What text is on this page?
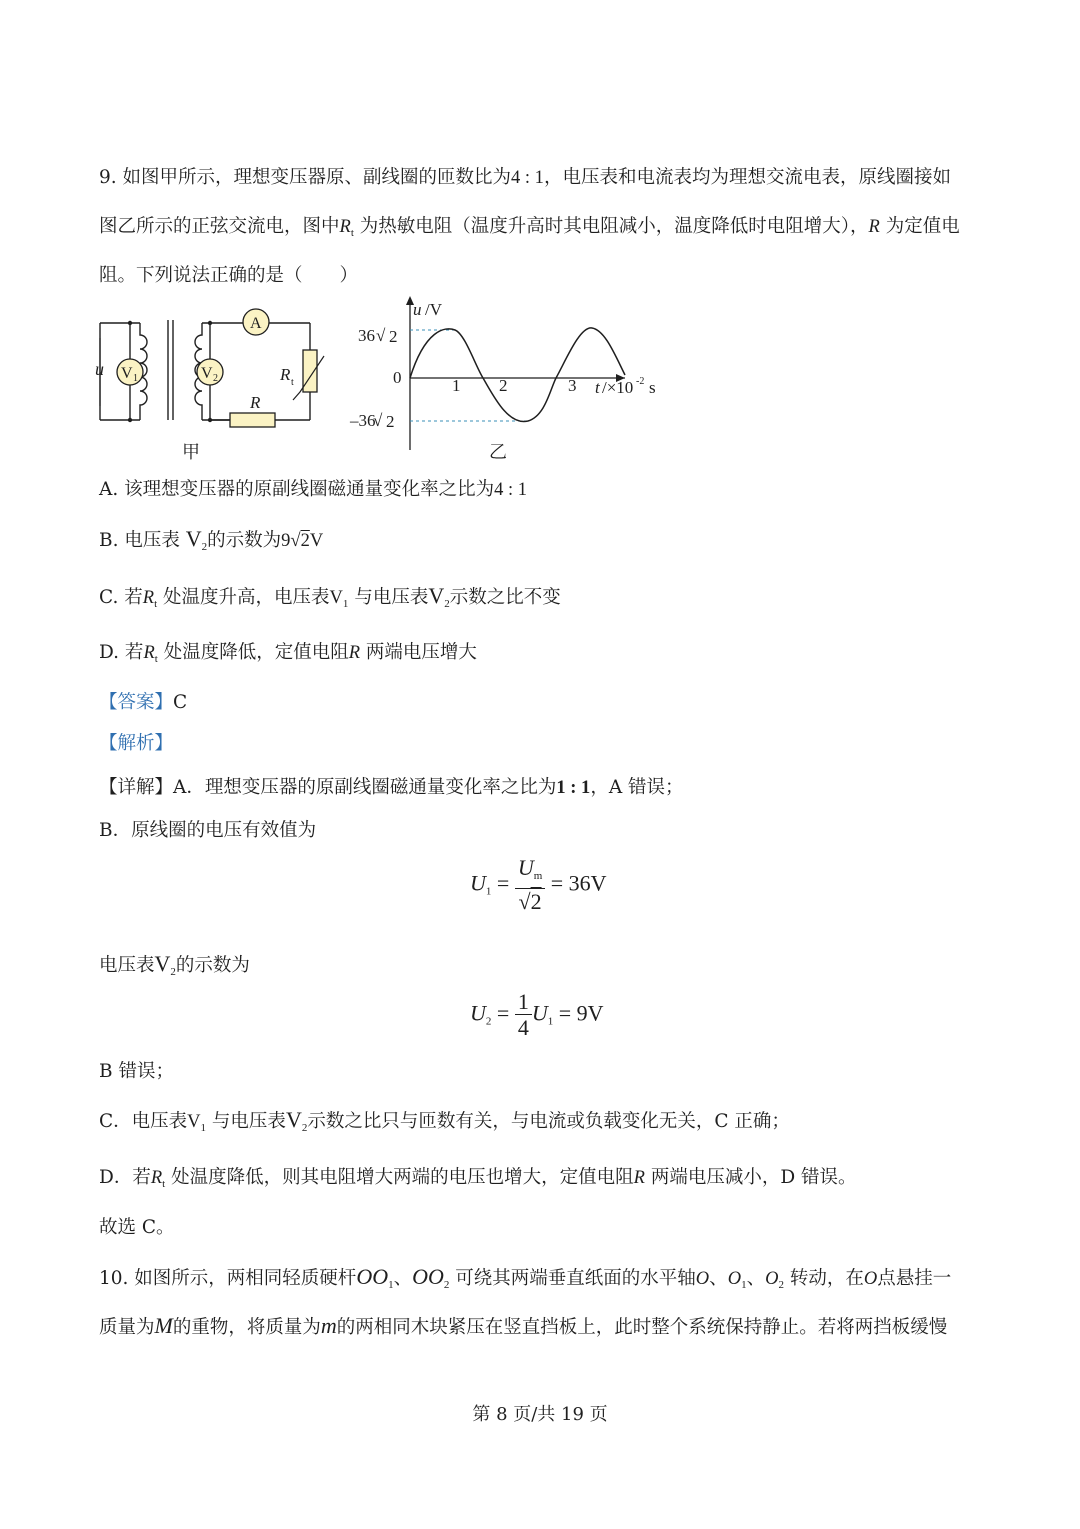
9. 如图甲所示，理想变压器原、副线圈的匝数比为4 : 1，电压表和电流表均为理想交流电表，原线圈接如
图乙所示的正弦交流电，图中$R_t$ 为热敏电阻（温度升高时其电阻减小，温度降低时电阻增大），R 为定值电
阻。下列说法正确的是（　　）
u V 1	V 2
A
R t
R
甲
u /V
36 √ 2
0
–36
√ 2
1 2	3 t /×10 -2 s
乙
A. 该理想变压器的原副线圈磁通量变化率之比为4 : 1
B. 电压表 $V_2$的示数为9√2V
C. 若$R_t$ 处温度升高，电压表$V_1$ 与电压表$V_2$示数之比不变
D. 若$R_t$ 处温度降低，定值电阻R 两端电压增大
【答案】C
【解析】
【详解】A．理想变压器的原副线圈磁通量变化率之比为1 : 1，A 错误；
B．原线圈的电压有效值为
$U_1 = \frac{U_m}{√2} = 36V$
电压表$V_2$的示数为
$U_2 = \frac{1}{4} U_1 = 9V$
B 错误；
C．电压表$V_1$ 与电压表$V_2$示数之比只与匝数有关，与电流或负载变化无关，C 正确；
D．若$R_t$ 处温度降低，则其电阻增大两端的电压也增大，定值电阻R 两端电压减小，D 错误。
故选 C。
10. 如图所示，两相同轻质硬杆$OO_1$、$OO_2$ 可绕其两端垂直纸面的水平轴O、$O_1$、$O_2$ 转动，在O点悬挂一
质量为M的重物，将质量为m的两相同木块紧压在竖直挡板上，此时整个系统保持静止。若将两挡板缓慢
第 8 页/共 19 页
